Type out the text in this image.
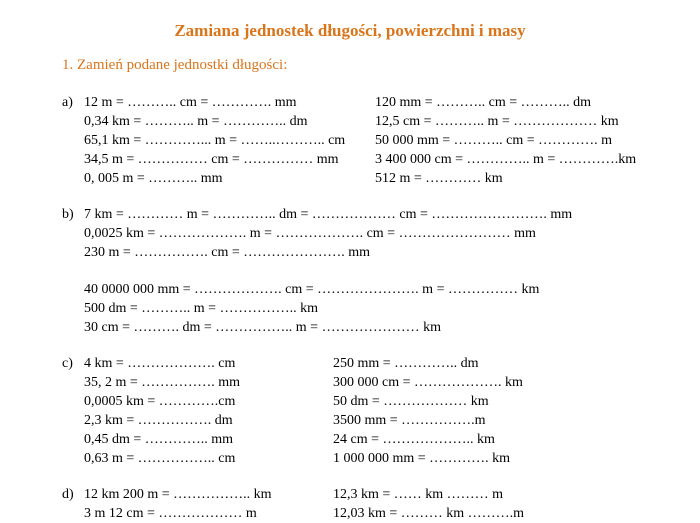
Zamiana jednostek długości, powierzchni i masy
1. Zamień podane jednostki długości:
a) 12 m = ……….. cm = …………. mm
0,34 km = ……….. m = ………….. dm
65,1 km = …………... m = ……..……….. cm
34,5 m = …………… cm = …………… mm
0, 005 m = ……….. mm
120 mm = ……….. cm = ……….. dm
12,5 cm = ……….. m = ……………… km
50 000 mm = ……….. cm = …………. m
3 400 000 cm = ………….. m = ………….km
512 m = ………… km
b) 7 km = ………… m = ………….. dm = ……………… cm = ……………………. mm
0,0025 km = ………………. m = ………………. cm = …………………… mm
230 m = ……………. cm = …………………. mm
40 0000 000 mm = ………………. cm = …………………. m = …………… km
500 dm = ……….. m = …………….. km
30 cm = ………. dm = …………….. m = ………………… km
c) 4 km = ………………. cm
35, 2 m = ……………. mm
0,0005 km = ………….cm
2,3 km = ……………. dm
0,45 dm = ………….. mm
0,63 m = …………….. cm
250 mm = ………….. dm
300 000 cm = ………………. km
50 dm = ……………… km
3500 mm = …………….m
24 cm = ……………….. km
1 000 000 mm = …………. km
d) 12 km 200 m = …………….. km
3 m 12 cm = ……………… m
12,3 km = …… km ……… m
12,03 km = ……… km ……….m
